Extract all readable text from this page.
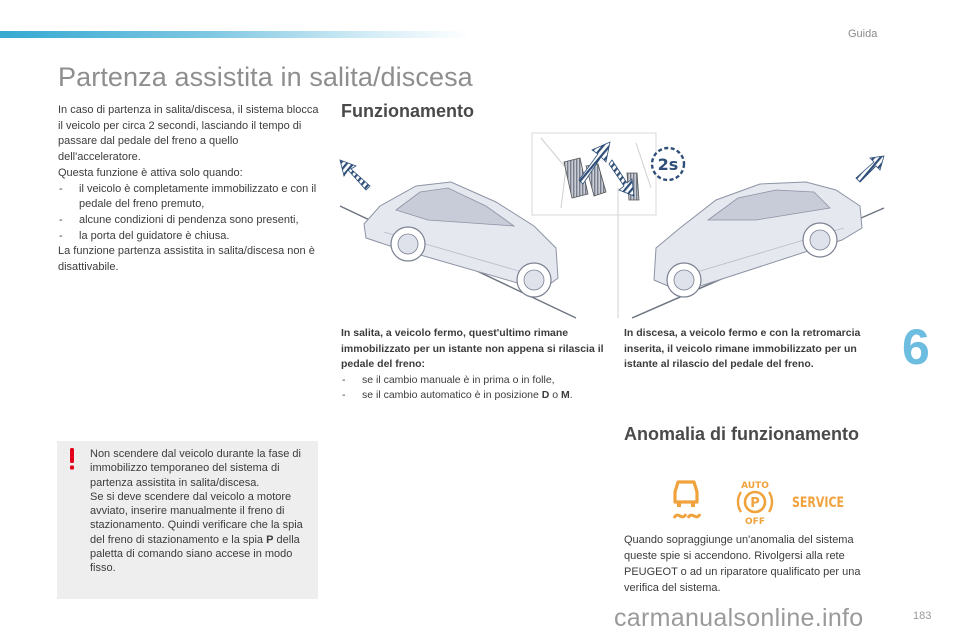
Guida
Partenza assistita in salita/discesa

In caso di partenza in salita/discesa, il sistema blocca il veicolo per circa 2 secondi, lasciando il tempo di passare dal pedale del freno a quello dell'acceleratore.

Questa funzione è attiva solo quando:

- il veicolo è completamente immobilizzato e con il pedale del freno premuto,
- alcune condizioni di pendenza sono presenti,
- la porta del guidatore è chiusa.

La funzione partenza assistita in salita/discesa non è disattivabile.

Non scendere dal veicolo durante la fase di immobilizzo temporaneo del sistema di partenza assistita in salita/discesa.
Se si deve scendere dal veicolo a motore avviato, inserire manualmente il freno di stazionamento. Quindi verificare che la spia del freno di stazionamento e la spia P della paletta di comando siano accese in modo fisso.
Funzionamento
2s
In salita, a veicolo fermo, quest'ultimo rimane immobilizzato per un istante non appena si rilascia il pedale del freno:
- se il cambio manuale è in prima o in folle,
- se il cambio automatico è in posizione D o M.
In discesa, a veicolo fermo e con la retromarcia inserita, il veicolo rimane immobilizzato per un istante al rilascio del pedale del freno.
Anomalia di funzionamento
AUTO
P
OFF
SERVICE
Quando sopraggiunge un'anomalia del sistema queste spie si accendono. Rivolgersi alla rete PEUGEOT o ad un riparatore qualificato per una verifica del sistema.
6
183
carmanualsonline.info
